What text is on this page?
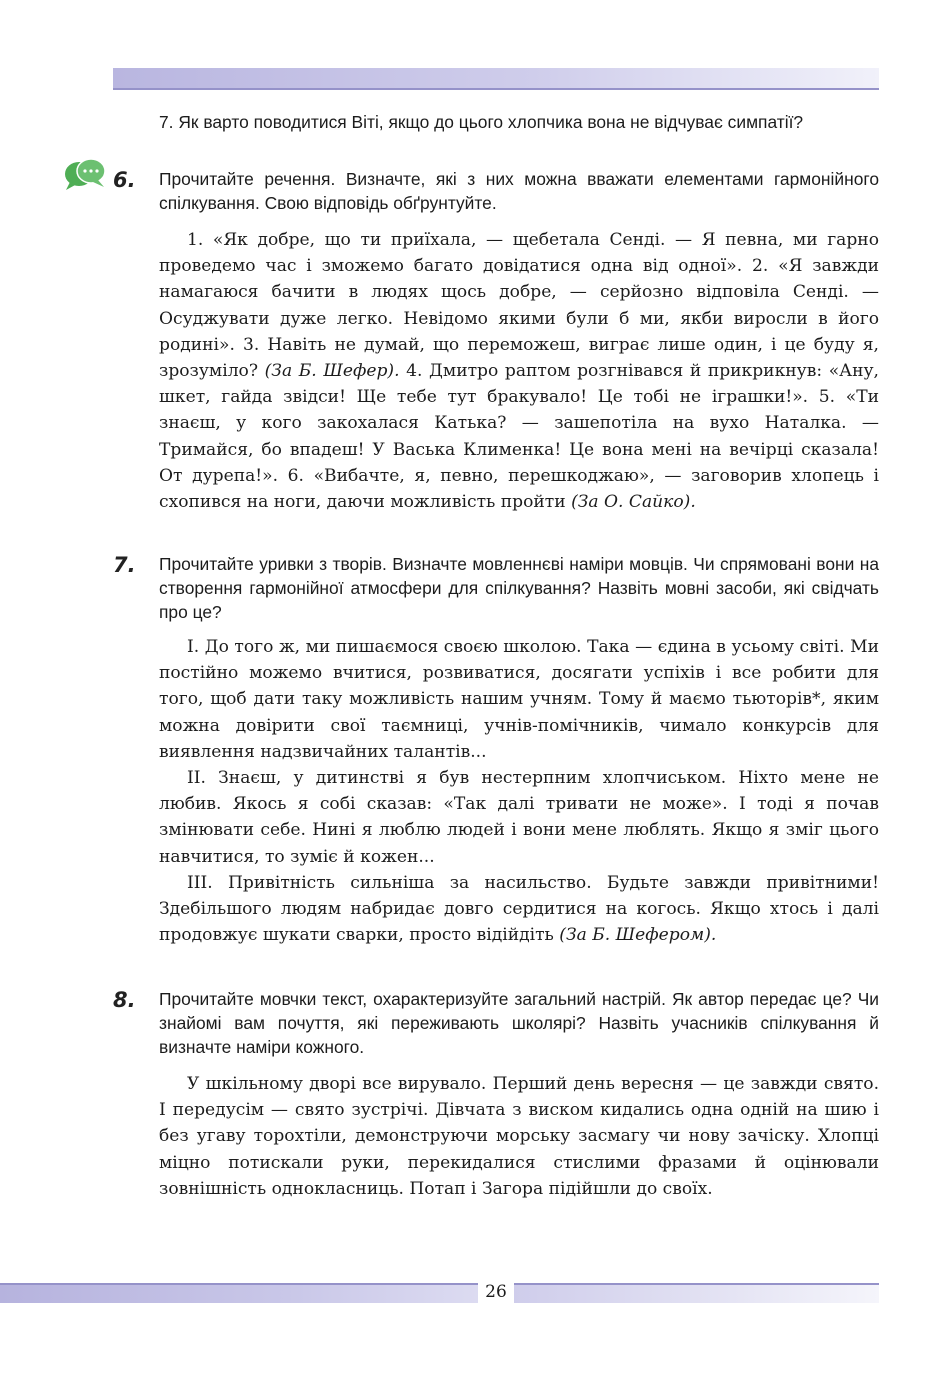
7. Як варто поводитися Віті, якщо до цього хлопчика вона не відчуває симпатії?
6. Прочитайте речення. Визначте, які з них можна вважати елементами гармонійного спілкування. Свою відповідь обґрунтуйте.

1. «Як добре, що ти приїхала, — щебетала Сенді. — Я певна, ми гарно проведемо час і зможемо багато довідатися одна від одної». 2. «Я завжди намагаюся бачити в людях щось добре, — серйозно відповіла Сенді. — Осуджувати дуже легко. Невідомо якими були б ми, якби виросли в його родині». 3. Навіть не думай, що переможеш, виграє лише один, і це буду я, зрозуміло? (За Б. Шефер). 4. Дмитро раптом розгнівався й прикрикнув: «Ану, шкет, гайда звідси! Ще тебе тут бракувало! Це тобі не іграшки!». 5. «Ти знаєш, у кого закохалася Катька? — зашепотіла на вухо Наталка. — Тримайся, бо впадеш! У Васька Клименка! Це вона мені на вечірці сказала! От дурепа!». 6. «Вибачте, я, певно, перешкоджаю», — заговорив хлопець і схопився на ноги, даючи можливість пройти (За О. Сайко).

7. Прочитайте уривки з творів. Визначте мовленнєві наміри мовців. Чи спрямовані вони на створення гармонійної атмосфери для спілкування? Назвіть мовні засоби, які свідчать про це?

І. До того ж, ми пишаємося своєю школою. Така — єдина в усьому світі. Ми постійно можемо вчитися, розвиватися, досягати успіхів і все робити для того, щоб дати таку можливість нашим учням. Тому й маємо тьюторів*, яким можна довірити свої таємниці, учнів-помічників, чимало конкурсів для виявлення надзвичайних талантів...

ІІ. Знаєш, у дитинстві я був нестерпним хлопчиськом. Ніхто мене не любив. Якось я собі сказав: «Так далі тривати не може». І тоді я почав змінювати себе. Нині я люблю людей і вони мене люблять. Якщо я зміг цього навчитися, то зуміє й кожен...

ІІІ. Привітність сильніша за насильство. Будьте завжди привітними! Здебільшого людям набридає довго сердитися на когось. Якщо хтось і далі продовжує шукати сварки, просто відійдіть (За Б. Шефером).

8. Прочитайте мовчки текст, охарактеризуйте загальний настрій. Як автор передає це? Чи знайомі вам почуття, які переживають школярі? Назвіть учасників спілкування й визначте наміри кожного.

У шкільному дворі все вирувало. Перший день вересня — це завжди свято. І передусім — свято зустрічі. Дівчата з виском кидались одна одній на шию і без угаву торохтіли, демонструючи морську засмагу чи нову зачіску. Хлопці міцно потискали руки, перекидалися стислими фразами й оцінювали зовнішність однокласниць. Потап і Загора підійшли до своїх.

26
